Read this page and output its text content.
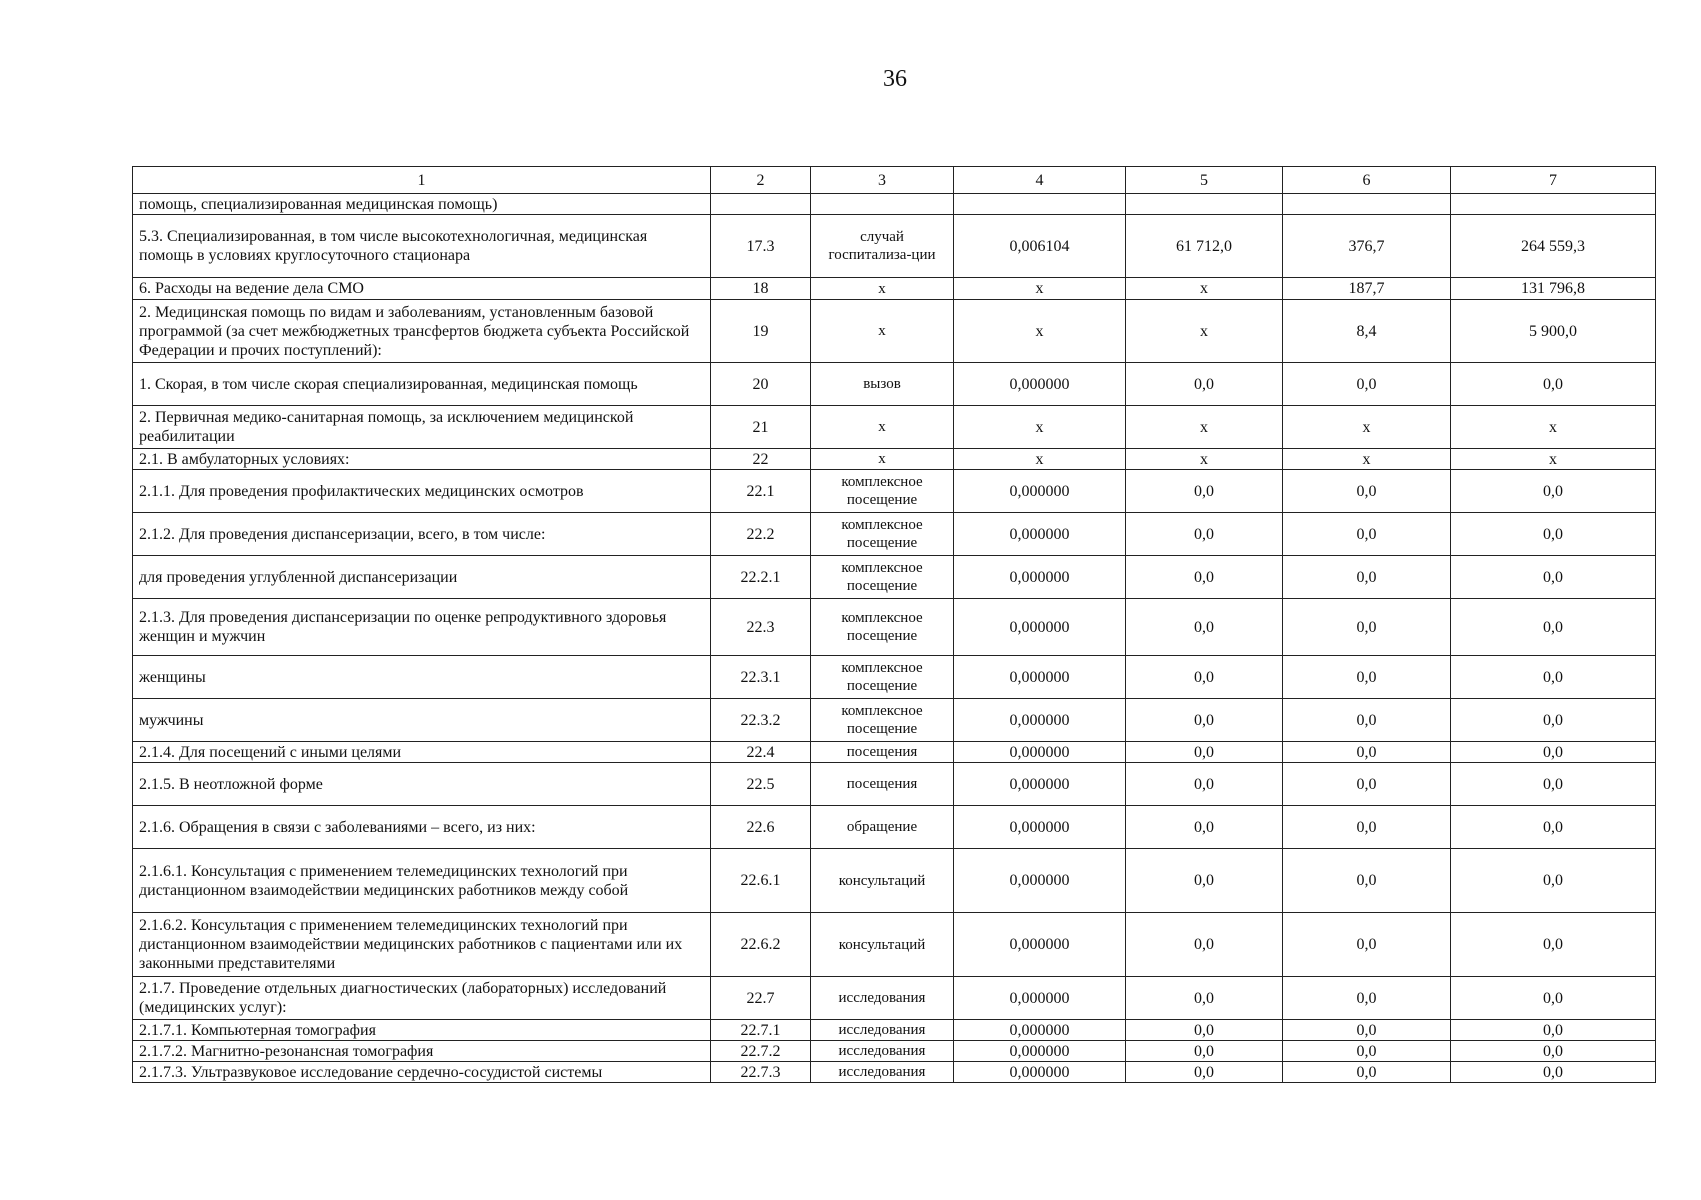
36
1	2	3	4	5	6	7
помощь, специализированная медицинская помощь)						
5.3. Специализированная, в том числе высокотехнологичная, медицинская помощь в условиях круглосуточного стационара	17.3	случай госпитализа-ции	0,006104	61 712,0	376,7	264 559,3
6. Расходы на ведение дела СМО	18	х	х	х	187,7	131 796,8
2. Медицинская помощь по видам и заболеваниям, установленным базовой программой (за счет межбюджетных трансфертов бюджета субъекта Российской Федерации и прочих поступлений):	19	х	х	х	8,4	5 900,0
1. Скорая, в том числе скорая специализированная, медицинская помощь	20	вызов	0,000000	0,0	0,0	0,0
2. Первичная медико-санитарная помощь, за исключением медицинской реабилитации	21	х	х	х	х	х
2.1. В амбулаторных условиях:	22	х	х	х	х	х
2.1.1. Для проведения профилактических медицинских осмотров	22.1	комплексное посещение	0,000000	0,0	0,0	0,0
2.1.2. Для проведения диспансеризации, всего, в том числе:	22.2	комплексное посещение	0,000000	0,0	0,0	0,0
для проведения углубленной диспансеризации	22.2.1	комплексное посещение	0,000000	0,0	0,0	0,0
2.1.3. Для проведения диспансеризации по оценке репродуктивного здоровья женщин и мужчин	22.3	комплексное посещение	0,000000	0,0	0,0	0,0
женщины	22.3.1	комплексное посещение	0,000000	0,0	0,0	0,0
мужчины	22.3.2	комплексное посещение	0,000000	0,0	0,0	0,0
2.1.4. Для посещений с иными целями	22.4	посещения	0,000000	0,0	0,0	0,0
2.1.5. В неотложной форме	22.5	посещения	0,000000	0,0	0,0	0,0
2.1.6. Обращения в связи с заболеваниями – всего, из них:	22.6	обращение	0,000000	0,0	0,0	0,0
2.1.6.1. Консультация с применением телемедицинских технологий при дистанционном взаимодействии медицинских работников между собой	22.6.1	консультаций	0,000000	0,0	0,0	0,0
2.1.6.2. Консультация с применением телемедицинских технологий при дистанционном взаимодействии медицинских работников с пациентами или их законными представителями	22.6.2	консультаций	0,000000	0,0	0,0	0,0
2.1.7. Проведение отдельных диагностических (лабораторных) исследований (медицинских услуг):	22.7	исследования	0,000000	0,0	0,0	0,0
2.1.7.1. Компьютерная томография	22.7.1	исследования	0,000000	0,0	0,0	0,0
2.1.7.2. Магнитно-резонансная томография	22.7.2	исследования	0,000000	0,0	0,0	0,0
2.1.7.3. Ультразвуковое исследование сердечно-сосудистой системы	22.7.3	исследования	0,000000	0,0	0,0	0,0
